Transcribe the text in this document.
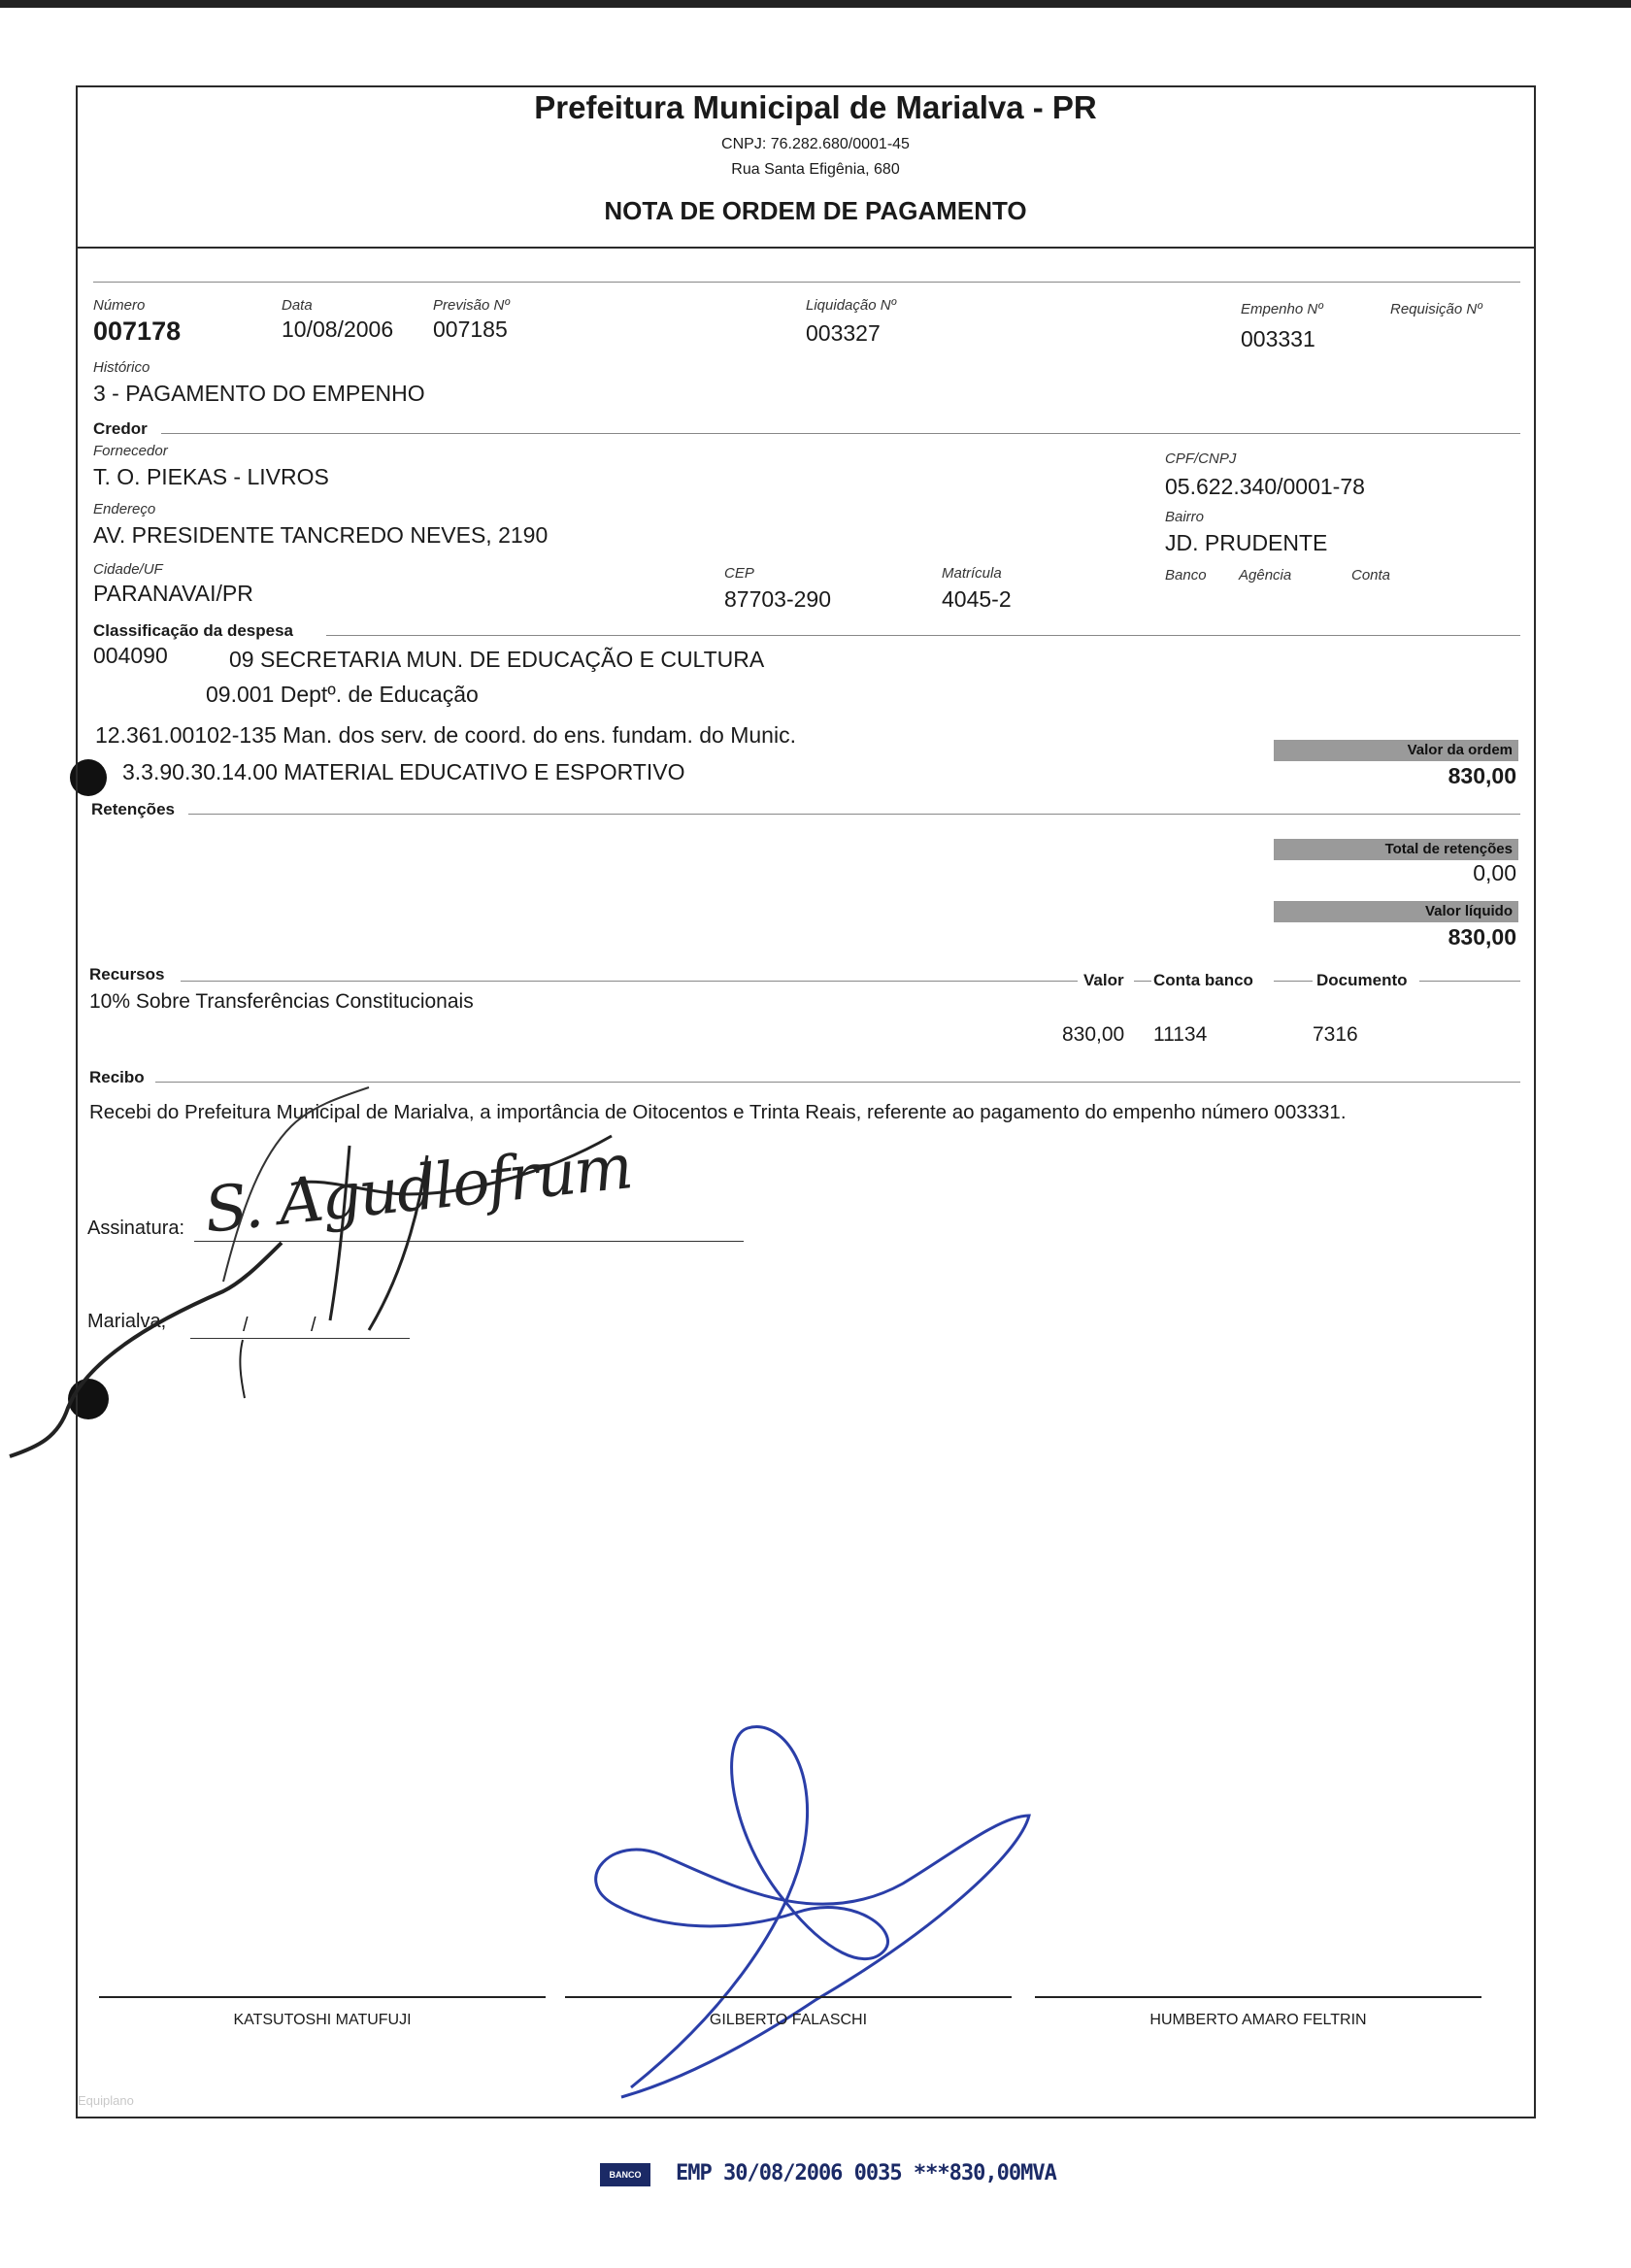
Prefeitura Municipal de Marialva - PR
CNPJ: 76.282.680/0001-45
Rua Santa Efigênia, 680
NOTA DE ORDEM DE PAGAMENTO
Número
007178
Data
10/08/2006
Previsão Nº
007185
Liquidação Nº
003327
Empenho Nº
003331
Requisição Nº
Histórico
3 - PAGAMENTO DO EMPENHO
Credor
Fornecedor
T. O. PIEKAS - LIVROS
CPF/CNPJ
05.622.340/0001-78
Endereço
AV. PRESIDENTE TANCREDO NEVES, 2190
Bairro
JD. PRUDENTE
Cidade/UF
PARANAVAI/PR
CEP
87703-290
Matrícula
4045-2
Banco Agência	Conta
Classificação da despesa
004090	09 SECRETARIA MUN. DE EDUCAÇÃO E CULTURA
09.001 Deptº. de Educação
12.361.00102-135 Man. dos serv. de coord. do ens. fundam. do Munic.
3.3.90.30.14.00 MATERIAL EDUCATIVO E ESPORTIVO
Valor da ordem
830,00
Retenções
Total de retenções
0,00
Valor líquido
830,00
Recursos	Valor Conta banco	Documento
10% Sobre Transferências Constitucionais
830,00 11134	7316
Recibo
Recebi do Prefeitura Municipal de Marialva, a importância de Oitocentos e Trinta Reais, referente ao pagamento do empenho número 003331.
Assinatura:
Marialva,	/	/
S. Agudlofrum
KATSUTOSHI MATUFUJI	GILBERTO FALASCHI	HUMBERTO AMARO FELTRIN
Equiplano
BANCO	EMP 30/08/2006 0035 ***830,00MVA
